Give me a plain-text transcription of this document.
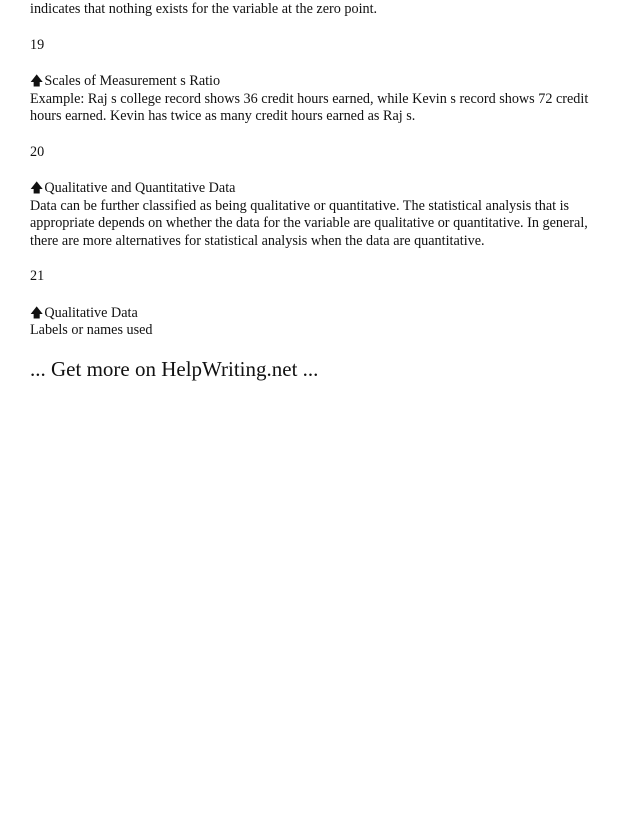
indicates that nothing exists for the variable at the zero point.
19
🡅Scales of Measurement s Ratio
Example: Raj s college record shows 36 credit hours earned, while Kevin s record shows 72 credit hours earned. Kevin has twice as many credit hours earned as Raj s.
20
🡅Qualitative and Quantitative Data
Data can be further classified as being qualitative or quantitative. The statistical analysis that is appropriate depends on whether the data for the variable are qualitative or quantitative. In general, there are more alternatives for statistical analysis when the data are quantitative.
21
🡅Qualitative Data
Labels or names used
... Get more on HelpWriting.net ...
